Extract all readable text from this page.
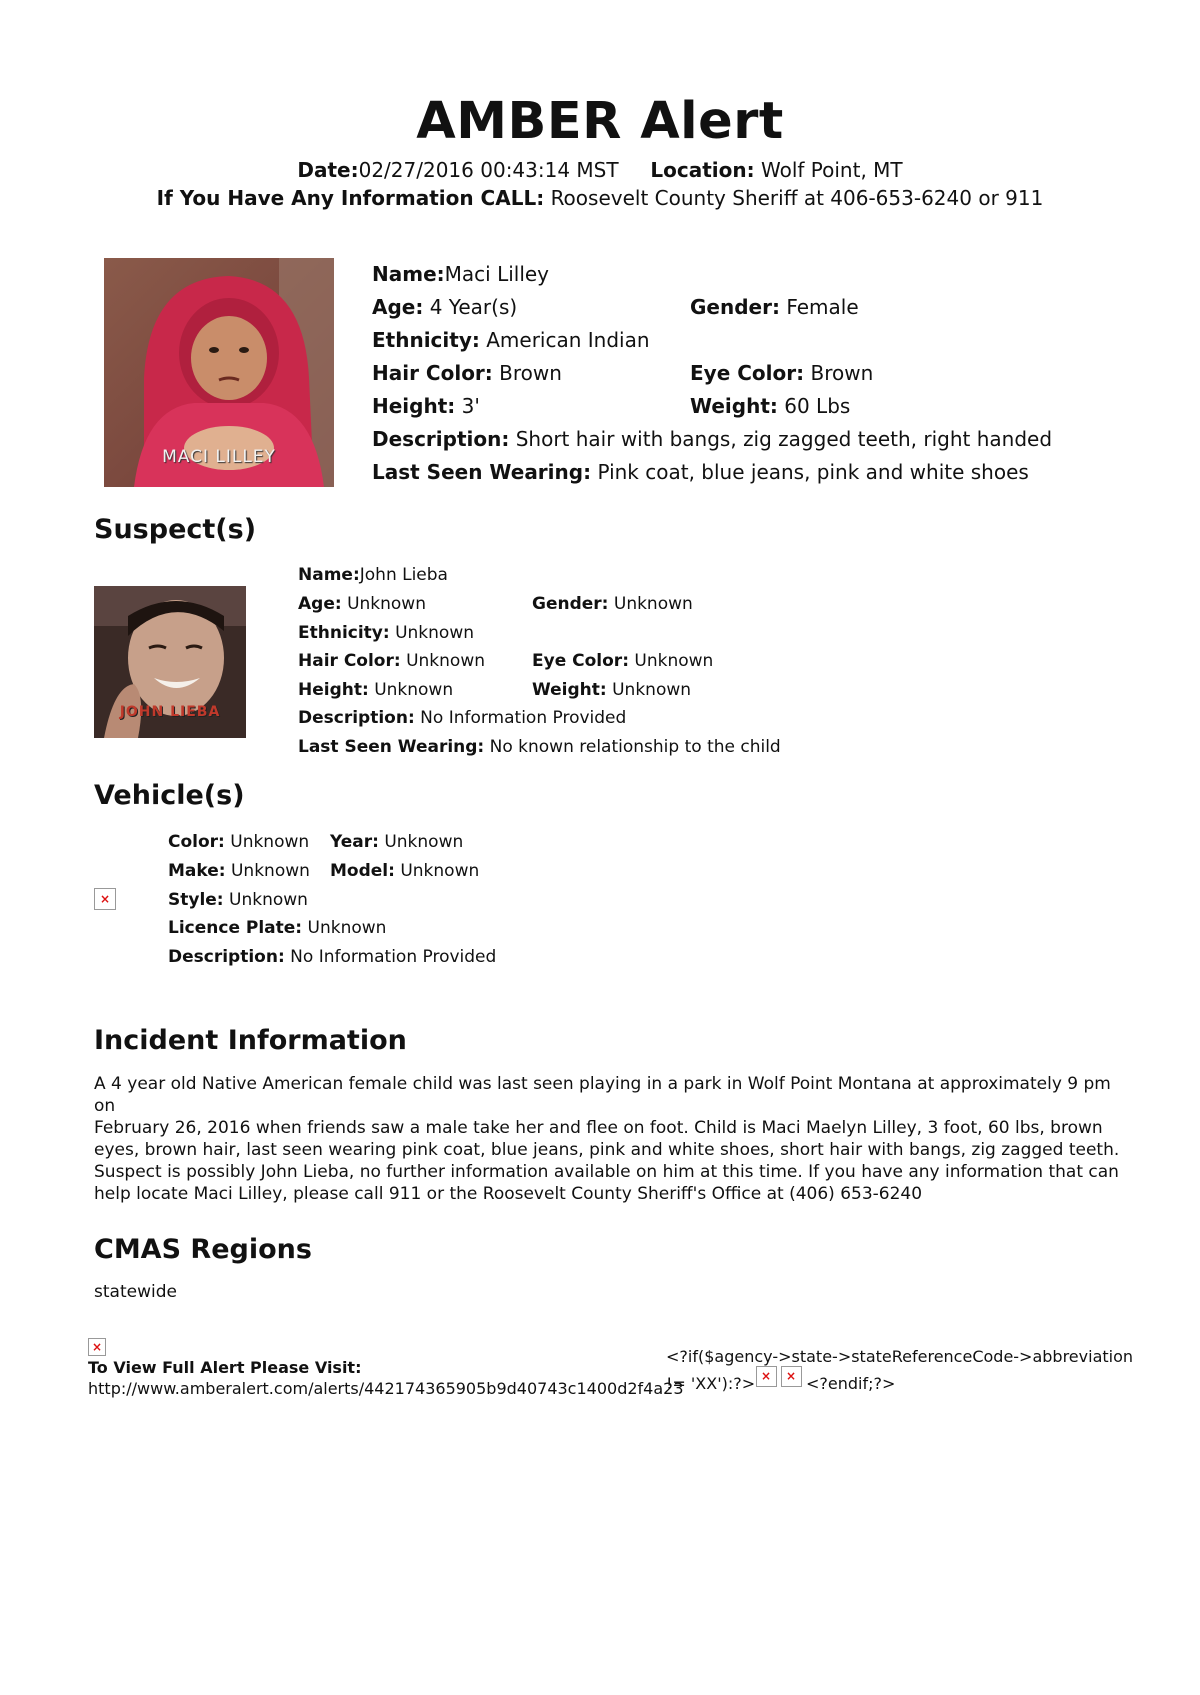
AMBER Alert
Date:02/27/2016 00:43:14 MST Location: Wolf Point, MT
If You Have Any Information CALL: Roosevelt County Sheriff at 406-653-6240 or 911
MACI LILLEY
Name:Maci Lilley
Age: 4 Year(s)	Gender: Female
Ethnicity: American Indian
Hair Color: Brown	Eye Color: Brown
Height: 3'	Weight: 60 Lbs
Description: Short hair with bangs, zig zagged teeth, right handed
Last Seen Wearing: Pink coat, blue jeans, pink and white shoes
Suspect(s)
JOHN LIEBA
Name:John Lieba
Age: Unknown	Gender: Unknown
Ethnicity: Unknown
Hair Color: Unknown	Eye Color: Unknown
Height: Unknown	Weight: Unknown
Description: No Information Provided
Last Seen Wearing: No known relationship to the child
Vehicle(s)
×
Color: Unknown Year: Unknown
Make: Unknown Model: Unknown
Style: Unknown
Licence Plate: Unknown
Description: No Information Provided
Incident Information
A 4 year old Native American female child was last seen playing in a park in Wolf Point Montana at approximately 9 pm on
February 26, 2016 when friends saw a male take her and flee on foot. Child is Maci Maelyn Lilley, 3 foot, 60 lbs, brown
eyes, brown hair, last seen wearing pink coat, blue jeans, pink and white shoes, short hair with bangs, zig zagged teeth.
Suspect is possibly John Lieba, no further information available on him at this time. If you have any information that can
help locate Maci Lilley, please call 911 or the Roosevelt County Sheriff's Office at (406) 653-6240
CMAS Regions
statewide
×
To View Full Alert Please Visit:
http://www.amberalert.com/alerts/442174365905b9d40743c1400d2f4a23
<?if($agency->state->stateReferenceCode->abbreviation
!= 'XX'):?> × × <?endif;?>
